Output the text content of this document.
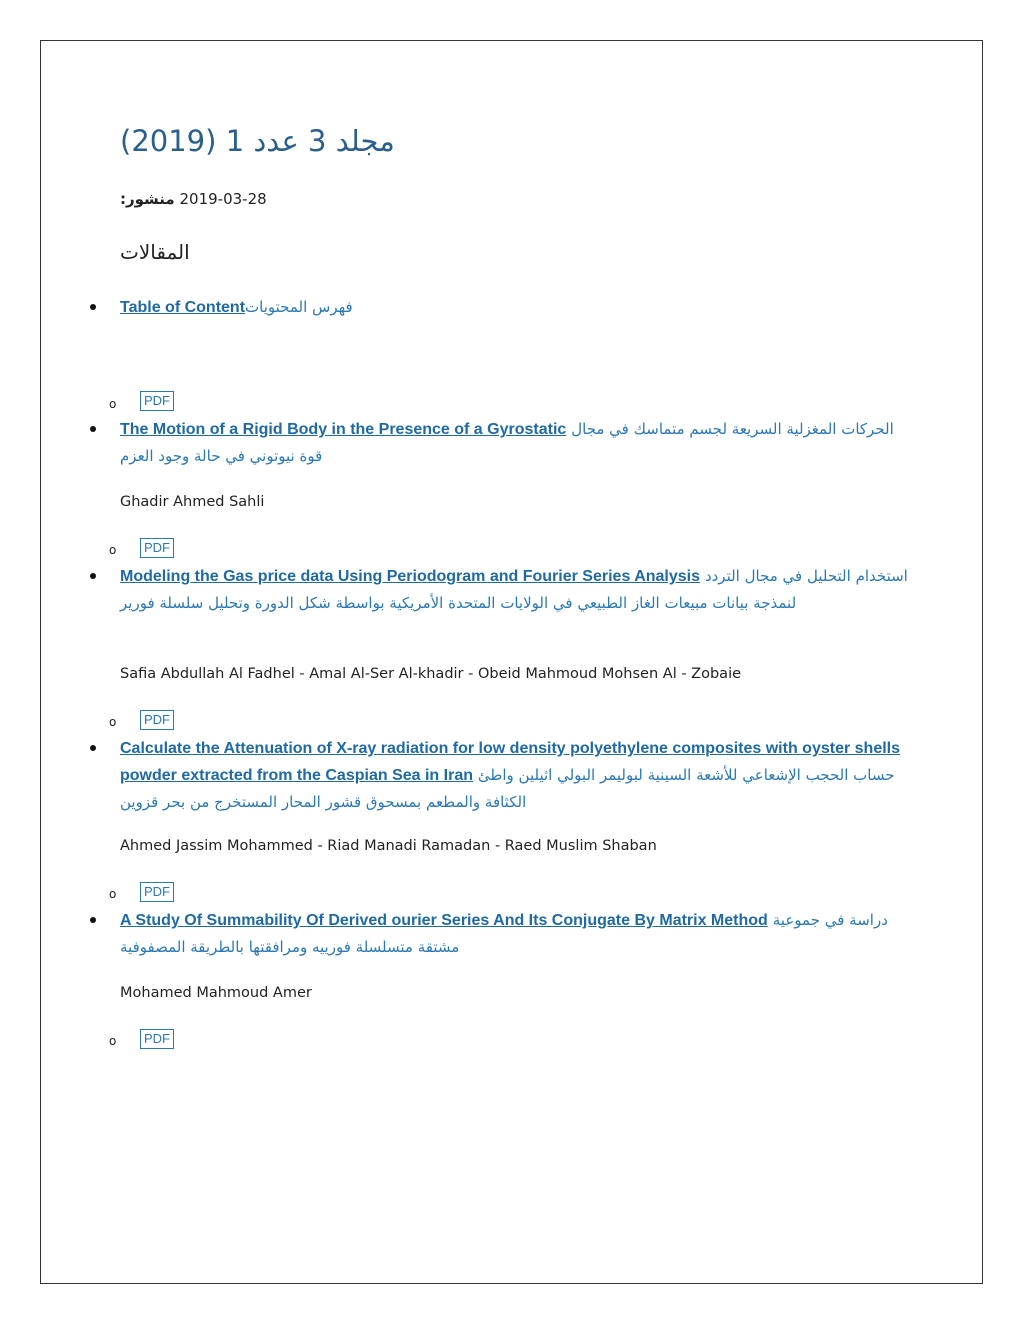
مجلد 3 عدد 1 (2019)
منشور: 2019-03-28
المقالات
Table of Contentفهرس المحتويات
o	PDF
The Motion of a Rigid Body in the Presence of a Gyrostatic الحركات المغزلية السريعة لجسم متماسك في مجال قوة نيوتوني في حالة وجود العزم
Ghadir Ahmed Sahli
o	PDF
Modeling the Gas price data Using Periodogram and Fourier Series Analysis استخدام التحليل في مجال التردد لنمذجة بيانات مبيعات الغاز الطبيعي في الولايات المتحدة الأمريكية بواسطة شكل الدورة وتحليل سلسلة فورير
Safia Abdullah Al Fadhel - Amal Al-Ser Al-khadir - Obeid Mahmoud Mohsen Al - Zobaie
o	PDF
Calculate the Attenuation of X-ray radiation for low density polyethylene composites with oyster shells powder extracted from the Caspian Sea in Iran حساب الحجب الإشعاعي للأشعة السينية لبوليمر البولي اثيلين واطئ الكثافة والمطعم بمسحوق قشور المحار المستخرج من بحر قزوين
Ahmed Jassim Mohammed - Riad Manadi Ramadan - Raed Muslim Shaban
o	PDF
A Study Of Summability Of Derived ourier Series And Its Conjugate By Matrix Method دراسة في جموعية مشتقة متسلسلة فورييه ومرافقتها بالطريقة المصفوفية
Mohamed Mahmoud Amer
o	PDF
